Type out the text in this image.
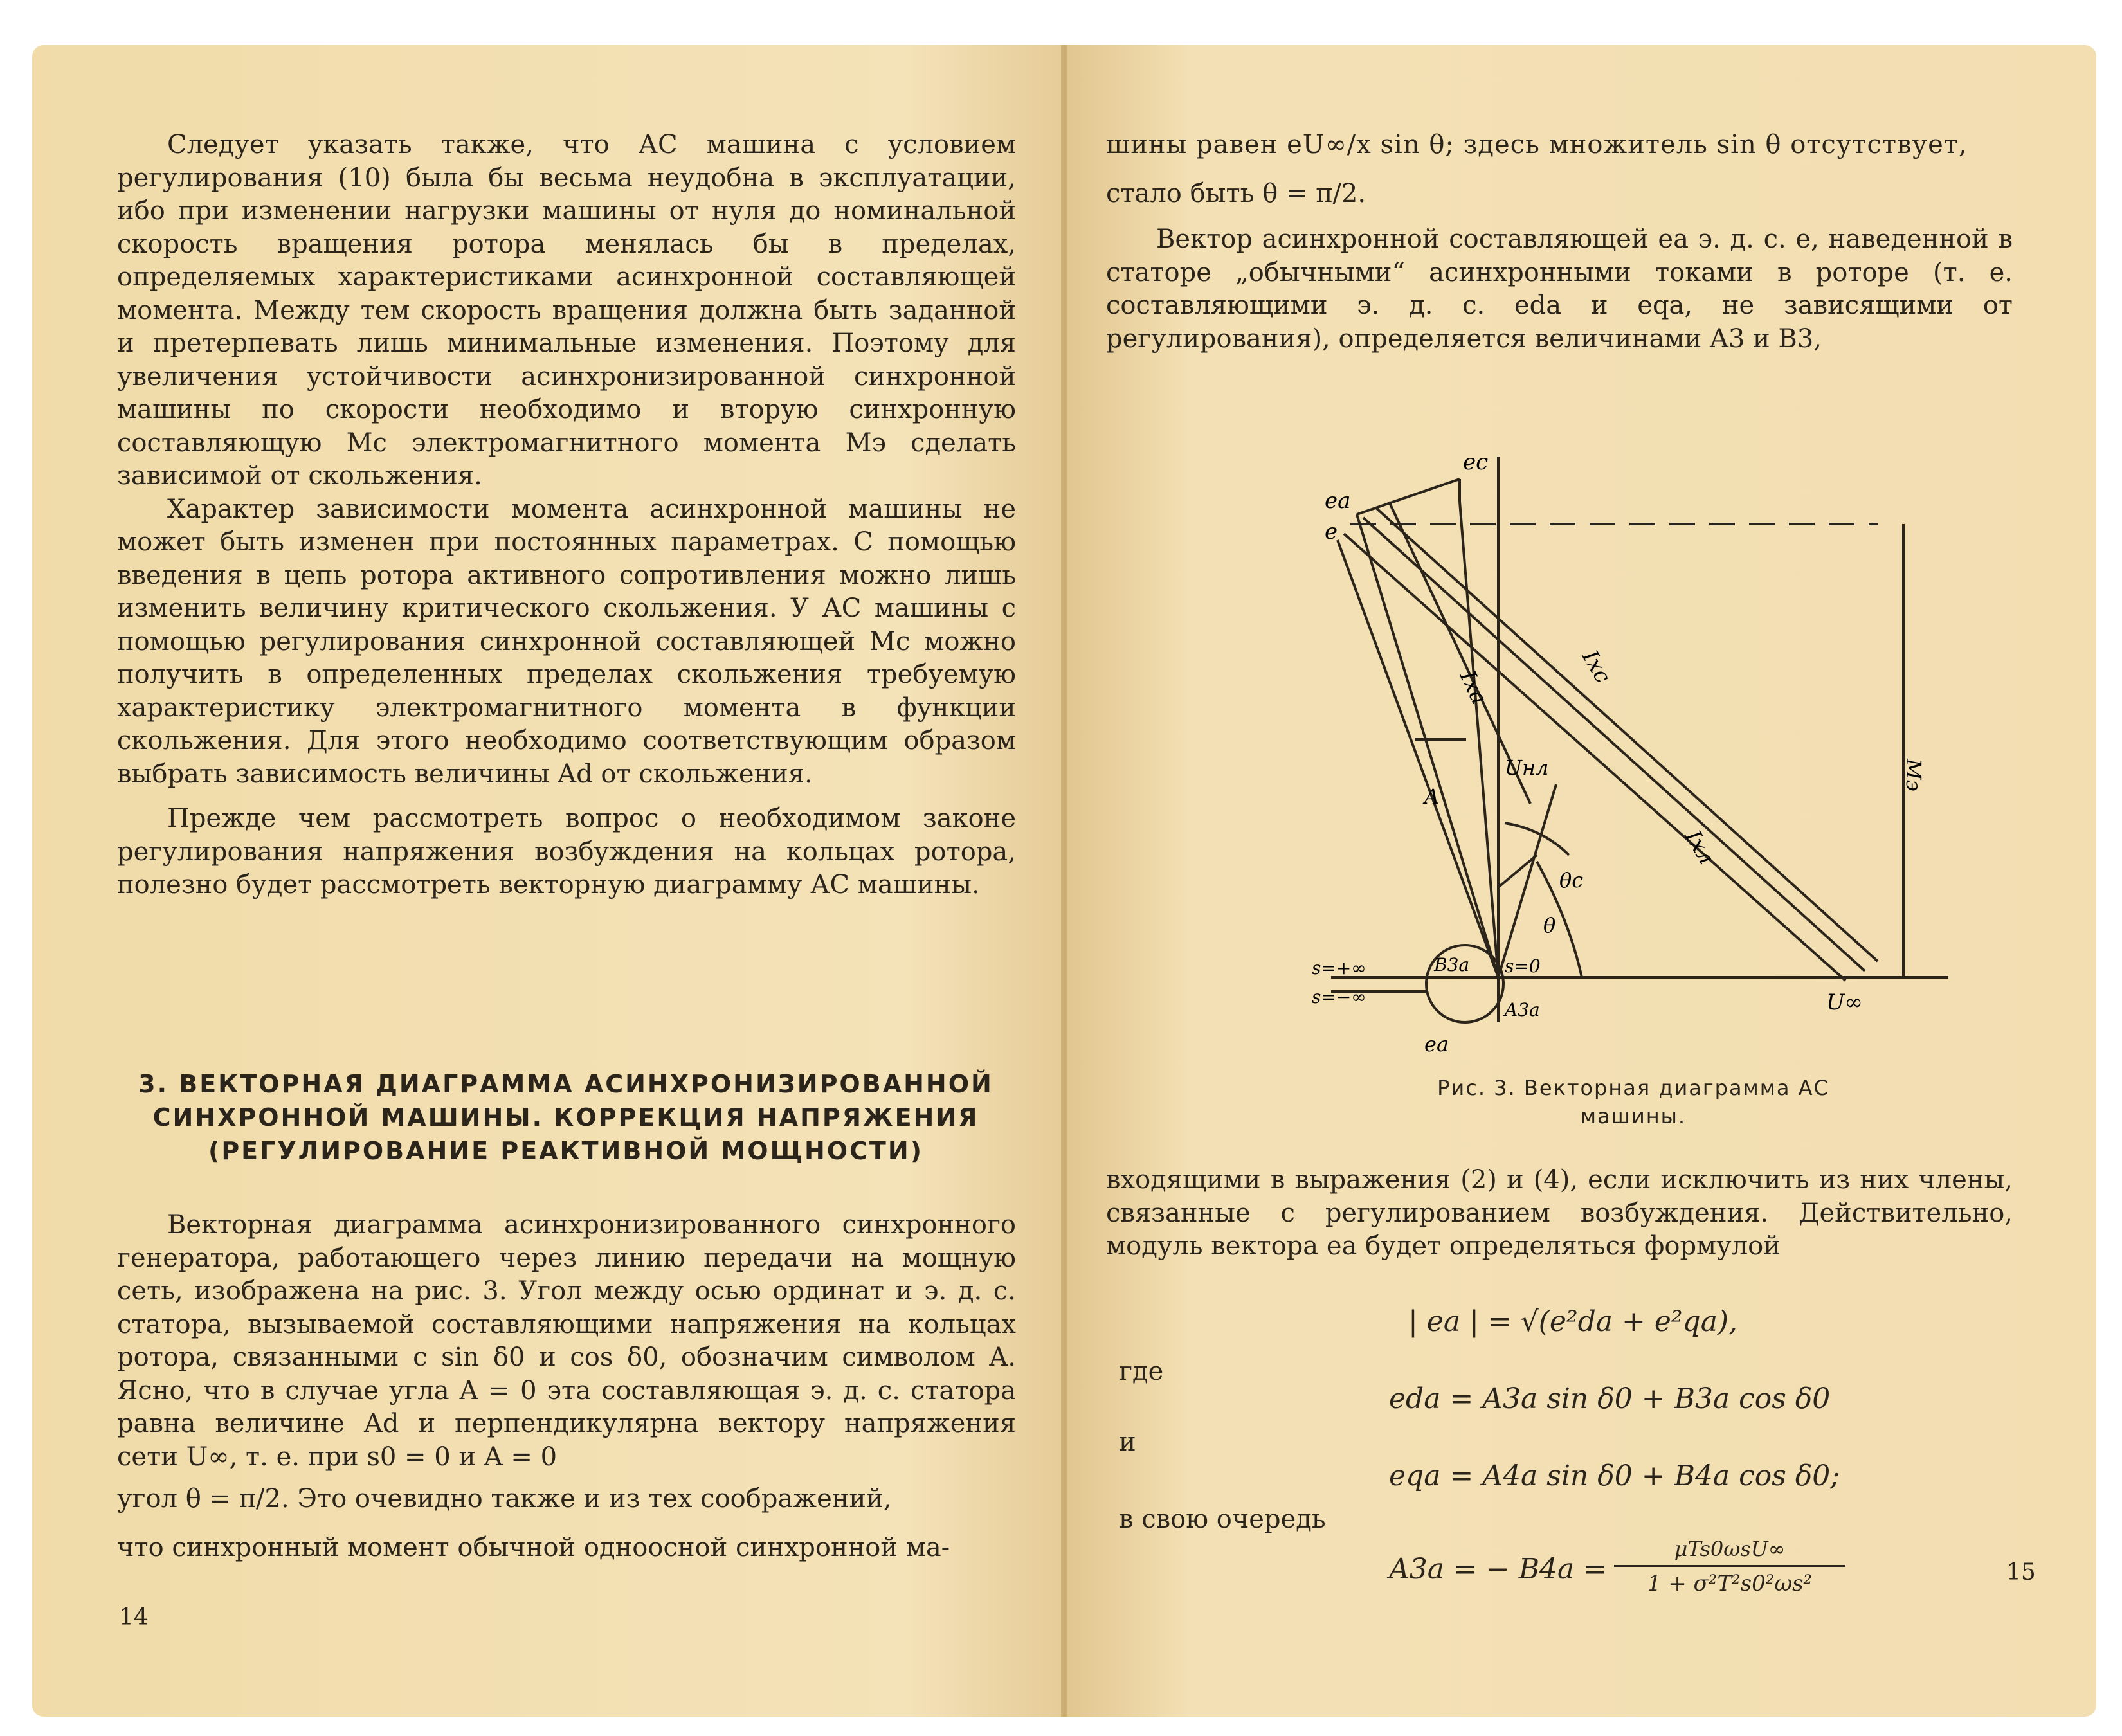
Следует указать также, что АС машина с условием регулирования (10) была бы весьма неудобна в эксплуатации, ибо при изменении нагрузки машины от нуля до номинальной скорость вращения ротора менялась бы в пределах, определяемых характеристиками асинхронной составляющей момента. Между тем скорость вращения должна быть заданной и претерпевать лишь минимальные изменения. Поэтому для увеличения устойчивости асинхронизированной синхронной машины по скорости необходимо и вторую синхронную составляющую Mс электромагнитного момента Mэ сделать зависимой от скольжения.

Характер зависимости момента асинхронной машины не может быть изменен при постоянных параметрах. С помощью введения в цепь ротора активного сопротивления можно лишь изменить величину критического скольжения. У АС машины с помощью регулирования синхронной составляющей Mс можно получить в определенных пределах скольжения требуемую характеристику электромагнитного момента в функции скольжения. Для этого необходимо соответствующим образом выбрать зависимость величины Ad от скольжения.

Прежде чем рассмотреть вопрос о необходимом законе регулирования напряжения возбуждения на кольцах ротора, полезно будет рассмотреть векторную диаграмму АС машины.

3. ВЕКТОРНАЯ ДИАГРАММА АСИНХРОНИЗИРОВАННОЙ

СИНХРОННОЙ МАШИНЫ. КОРРЕКЦИЯ НАПРЯЖЕНИЯ

(РЕГУЛИРОВАНИЕ РЕАКТИВНОЙ МОЩНОСТИ)

Векторная диаграмма асинхронизированного синхронного генератора, работающего через линию передачи на мощную сеть, изображена на рис. 3. Угол между осью ординат и э. д. с. статора, вызываемой составляющими напряжения на кольцах ротора, связанными с sin δ0 и cos δ0, обозначим символом A. Ясно, что в случае угла A = 0 эта составляющая э. д. с. статора равна величине Ad и перпендикулярна вектору напряжения сети U∞, т. е. при s0 = 0 и A = 0

угол θ = π/2. Это очевидно также и из тех соображений,

что синхронный момент обычной одноосной синхронной ма-

14

шины равен eU∞/x sin θ; здесь множитель sin θ отсутствует,

стало быть θ = π/2.

Вектор асинхронной составляющей ea э. д. с. e, наведенной в статоре „обычными“ асинхронными токами в роторе (т. е. составляющими э. д. с. eda и eqa, не зависящими от регулирования), определяется величинами A3 и B3,

ea
e
ec
Ixa
Ixc
Ixл
Uнл
A
θc
θ
Mэ
s=+∞
s=−∞
B3a
A3a
s=0
U∞
ea
Рис. 3. Векторная диаграмма АС
машины.

входящими в выражения (2) и (4), если исключить из них члены, связанные с регулированием возбуждения. Действительно, модуль вектора ea будет определяться формулой

| ea | = √(e²da + e²qa),
где
eda = A3a sin δ0 + B3a cos δ0
и
eqa = A4a sin δ0 + B4a cos δ0;
в свою очередь
A3a = − B4a =
μTs0ωsU∞
1 + σ²T²s0²ωs²	15
